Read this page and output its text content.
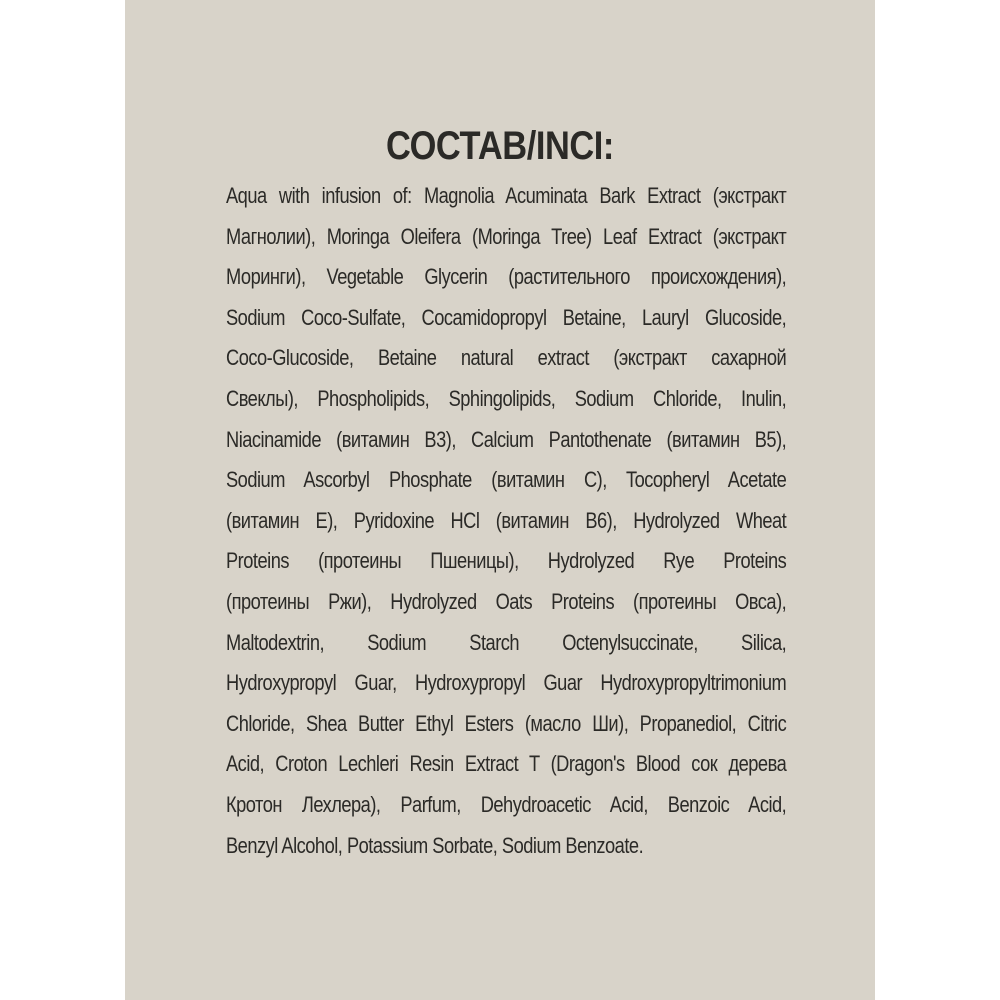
СОСТАВ/INCI:
Aqua with infusion of: Magnolia Acuminata Bark Extract (экстракт
Магнолии), Moringa Oleifera (Moringa Tree) Leaf Extract (экстракт
Моринги), Vegetable Glycerin (растительного происхождения),
Sodium Coco-Sulfate, Cocamidopropyl Betaine, Lauryl Glucoside,
Coco-Glucoside, Betaine natural extract (экстракт сахарной
Свеклы), Phospholipids, Sphingolipids, Sodium Chloride, Inulin,
Niacinamide (витамин B3), Calcium Pantothenate (витамин B5),
Sodium Ascorbyl Phosphate (витамин С), Tocopheryl Acetate
(витамин Е), Pyridoxine HCl (витамин B6), Hydrolyzed Wheat
Proteins (протеины Пшеницы), Hydrolyzed Rye Proteins
(протеины Ржи), Hydrolyzed Oats Proteins (протеины Овса),
Maltodextrin, Sodium Starch Octenylsuccinate, Silica,
Hydroxypropyl Guar, Hydroxypropyl Guar Hydroxypropyltrimonium
Chloride, Shea Butter Ethyl Esters (масло Ши), Propanediol, Citric
Acid, Croton Lechleri Resin Extract T (Dragon's Blood сок дерева
Кротон Лехлера), Parfum, Dehydroacetic Acid, Benzoic Acid,
Benzyl Alcohol, Potassium Sorbate, Sodium Benzoate.
